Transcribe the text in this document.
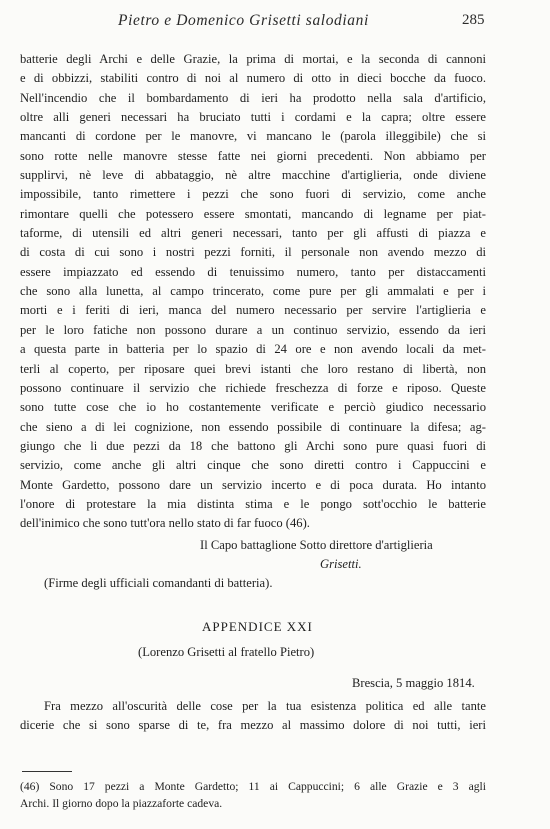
Pietro e Domenico Grisetti salodiani	285
batterie degli Archi e delle Grazie, la prima di mortai, e la seconda di cannoni
e di obbizzi, stabiliti contro di noi al numero di otto in dieci bocche da fuoco.
Nell'incendio che il bombardamento di ieri ha prodotto nella sala d'artificio,
oltre alli generi necessari ha bruciato tutti i cordami e la capra; oltre essere
mancanti di cordone per le manovre, vi mancano le (parola illeggibile) che si
sono rotte nelle manovre stesse fatte nei giorni precedenti. Non abbiamo per
supplirvi, nè leve di abbataggio, nè altre macchine d'artiglieria, onde diviene
impossibile, tanto rimettere i pezzi che sono fuori di servizio, come anche
rimontare quelli che potessero essere smontati, mancando di legname per piat-
taforme, di utensili ed altri generi necessari, tanto per gli affusti di piazza e
di costa di cui sono i nostri pezzi forniti, il personale non avendo mezzo di
essere impiazzato ed essendo di tenuissimo numero, tanto per distaccamenti
che sono alla lunetta, al campo trincerato, come pure per gli ammalati e per i
morti e i feriti di ieri, manca del numero necessario per servire l'artiglieria e
per le loro fatiche non possono durare a un continuo servizio, essendo da ieri
a questa parte in batteria per lo spazio di 24 ore e non avendo locali da met-
terli al coperto, per riposare quei brevi istanti che loro restano di libertà, non
possono continuare il servizio che richiede freschezza di forze e riposo. Queste
sono tutte cose che io ho costantemente verificate e perciò giudico necessario
che sieno a di lei cognizione, non essendo possibile di continuare la difesa; ag-
giungo che li due pezzi da 18 che battono gli Archi sono pure quasi fuori di
servizio, come anche gli altri cinque che sono diretti contro i Cappuccini e
Monte Gardetto, possono dare un servizio incerto e di poca durata. Ho intanto
l'onore di protestare la mia distinta stima e le pongo sott'occhio le batterie
dell'inimico che sono tutt'ora nello stato di far fuoco (46).
Il Capo battaglione Sotto direttore d'artiglieria
Grisetti.
(Firme degli ufficiali comandanti di batteria).
APPENDICE XXI
(Lorenzo Grisetti al fratello Pietro)
Brescia, 5 maggio 1814.
Fra mezzo all'oscurità delle cose per la tua esistenza politica ed alle tante
dicerie che si sono sparse di te, fra mezzo al massimo dolore di noi tutti, ieri
(46) Sono 17 pezzi a Monte Gardetto; 11 ai Cappuccini; 6 alle Grazie e 3 agli
Archi. Il giorno dopo la piazzaforte cadeva.
